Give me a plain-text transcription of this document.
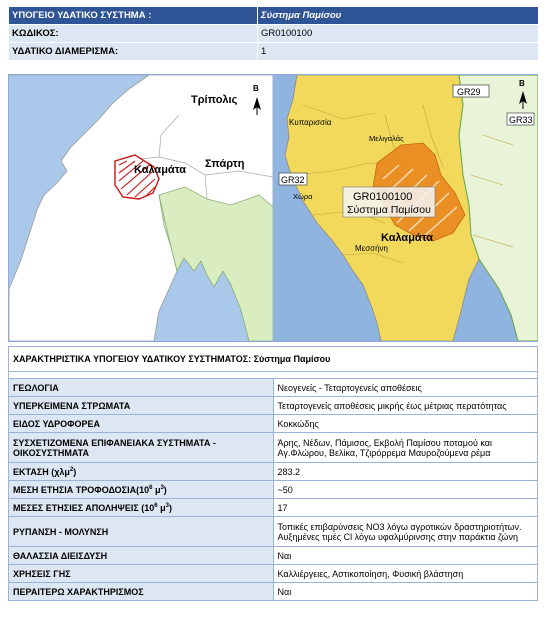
ΥΠΟΓΕΙΟ ΥΔΑΤΙΚΟ ΣΥΣΤΗΜΑ :	Σύστημα Παμίσου
ΚΩΔΙΚΟΣ:	GR0100100
ΥΔΑΤΙΚΟ ΔΙΑΜΕΡΙΣΜΑ:	1
Τρίπολις
Καλαμάτα Σπάρτη
B	GR29
GR33
GR32
Κυπαρισσία
Μελιγαλάς
Χώρα
Μεσσήνη
GR0100100
Σύστημα Παμίσου
Καλαμάτα
B
ΧΑΡΑΚΤΗΡΙΣΤΙΚΑ ΥΠΟΓΕΙΟΥ ΥΔΑΤΙΚΟΥ ΣΥΣΤΗΜΑΤΟΣ: Σύστημα Παμίσου	

ΓΕΩΛΟΓΙΑ	Νεογενείς - Τεταρτογενείς αποθέσεις
ΥΠΕΡΚΕΙΜΕΝΑ ΣΤΡΩΜΑΤΑ	Τεταρτογενείς αποθέσεις μικρής έως μέτριας περατότητας
ΕΙΔΟΣ ΥΔΡΟΦΟΡΕΑ	Κοκκώδης
ΣΥΣΧΕΤΙΖΟΜΕΝΑ ΕΠΙΦΑΝΕΙΑΚΑ ΣΥΣΤΗΜΑΤΑ - ΟΙΚΟΣΥΣΤΗΜΑΤΑ	Άρης, Νέδων, Πάμισος, Εκβολή Παμίσου ποταμού και Αγ.Φλώρου, Βελίκα, Τζιρόρρεμα Μαυροζούμενα ρέμα
ΕΚΤΑΣΗ (χλμ$^2$)	283.2
ΜΕΣΗ ΕΤΗΣΙΑ $TPO\Phi O\Delta O\Sigma IA(10^6$ $\mu^3$)	~50
ΜΕΣΕΣ ΕΤΗΣΙΕΣ ΑΠΟΛΗΨΕΙΣ ($10^6$ $\mu^3$)	17
ΡΥΠΑΝΣΗ - ΜΟΛΥΝΣΗ	Τοπικές επιβαρύνσεις ΝΟ3 λόγω αγροτικών δραστηριοτήτων. Αυξημένες τιμές Cl λόγω υφαλμύρινσης στην παράκτια ζώνη
ΘΑΛΑΣΣΙΑ ΔΙΕΙΣΔΥΣΗ	Ναι
ΧΡΗΣΕΙΣ ΓΗΣ	Καλλιέργειες, Αστικοποίηση, Φυσική βλάστηση
ΠΕΡΑΙΤΕΡΩ ΧΑΡΑΚΤΗΡΙΣΜΟΣ	Ναι
